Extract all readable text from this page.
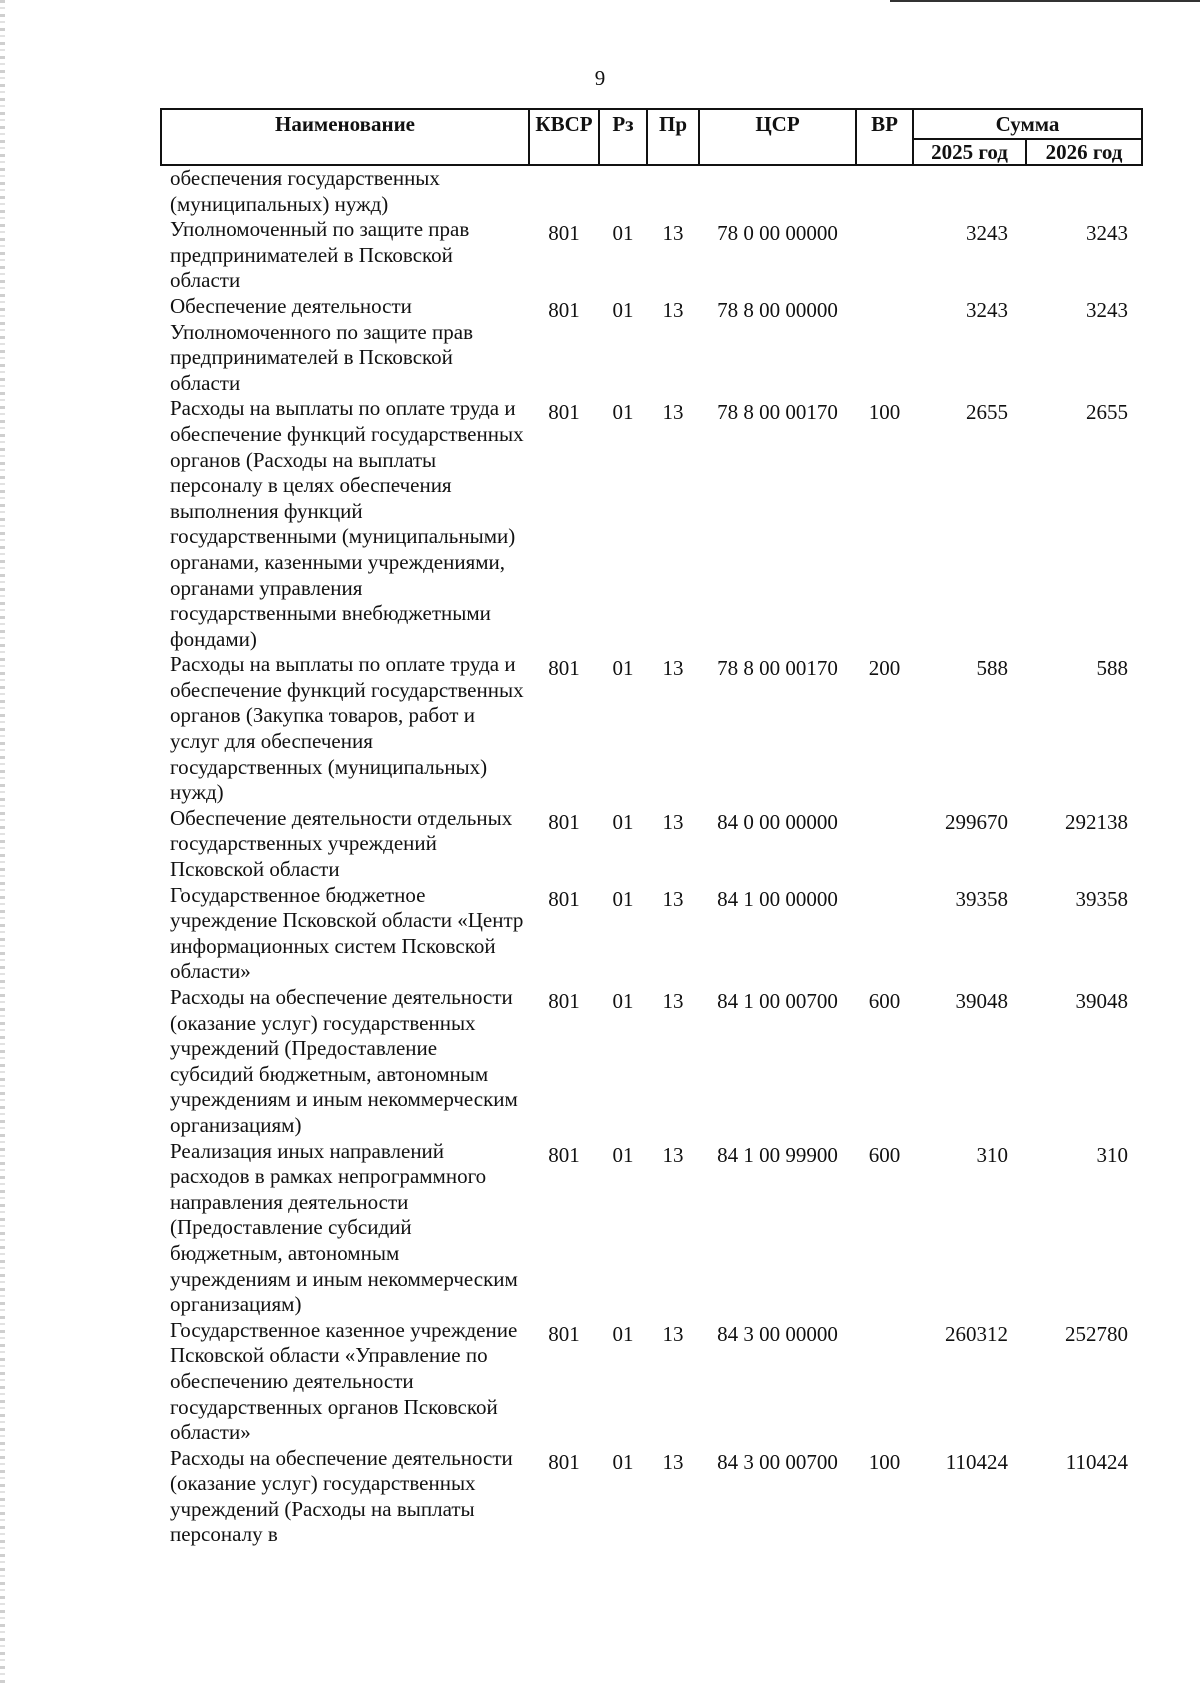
9
Наименование	КВСР	Рз	Пр	ЦСР	ВР	Сумма	
						2025 год	2026 год
обеспечения государственных (муниципальных) нужд)							
Уполномоченный по защите прав предпринимателей в Псковской области	801	01	13	78 0 00 00000		3243	3243
Обеспечение деятельности Уполномоченного по защите прав предпринимателей в Псковской области	801	01	13	78 8 00 00000		3243	3243
Расходы на выплаты по оплате труда и обеспечение функций государственных органов (Расходы на выплаты персоналу в целях обеспечения выполнения функций государственными (муниципальными) органами, казенными учреждениями, органами управления государственными внебюджетными фондами)	801	01	13	78 8 00 00170	100	2655	2655
Расходы на выплаты по оплате труда и обеспечение функций государственных органов (Закупка товаров, работ и услуг для обеспечения государственных (муниципальных) нужд)	801	01	13	78 8 00 00170	200	588	588
Обеспечение деятельности отдельных государственных учреждений Псковской области	801	01	13	84 0 00 00000		299670	292138
Государственное бюджетное учреждение Псковской области «Центр информационных систем Псковской области»	801	01	13	84 1 00 00000		39358	39358
Расходы на обеспечение деятельности (оказание услуг) государственных учреждений (Предоставление субсидий бюджетным, автономным учреждениям и иным некоммерческим организациям)	801	01	13	84 1 00 00700	600	39048	39048
Реализация иных направлений расходов в рамках непрограммного направления деятельности (Предоставление субсидий бюджетным, автономным учреждениям и иным некоммерческим организациям)	801	01	13	84 1 00 99900	600	310	310
Государственное казенное учреждение Псковской области «Управление по обеспечению деятельности государственных органов Псковской области»	801	01	13	84 3 00 00000		260312	252780
Расходы на обеспечение деятельности (оказание услуг) государственных учреждений (Расходы на выплаты персоналу в	801	01	13	84 3 00 00700	100	110424	110424
